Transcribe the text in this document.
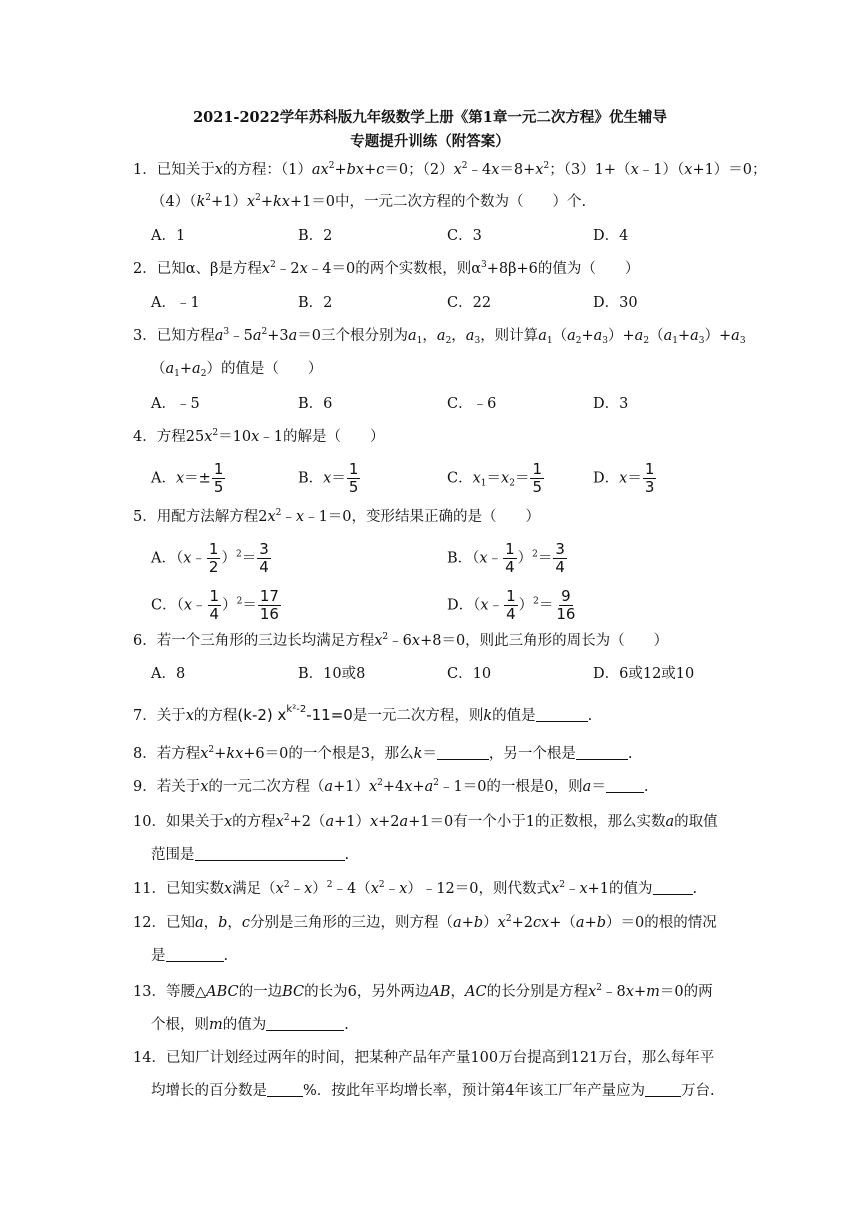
2021-2022学年苏科版九年级数学上册《第1章一元二次方程》优生辅导
专题提升训练（附答案）
1．已知关于x的方程：$(1)ax^2+bx+c=0$；$(2)x^2﹣4x=8+x^2$；（3）1+（x﹣1）（x+1）＝0；
$(4)(k^2+1)x^2+kx+1=0$中，一元二次方程的个数为（　　）个.
A．1	B．2	C．3	D．4
2．已知α、β是方程$x^2﹣2x﹣4=0$的两个实数根，则$\alpha^3+8\beta+6$的值为（　　）
A．﹣1	B．2	C．22	D．30
3．已知方程$a^3﹣5a^2+3a=0$三个根分别为$a_1$，$a_2$，$a_3$，则计算$a_1(a_2+a_3)+a_2(a_1+a_3)+a_3$
$(a_1+a_2)$的值是（　　）
A．﹣5	B．6	C．﹣6	D．3
4．方程$25x^2=10x﹣1$的解是（　　）
A．$x=\pm \frac{1}{5}$	B．$x= \frac{1}{5}$	C．$x_1=x_2= \frac{1}{5}$	D．$x= \frac{1}{3}$
5．用配方法解方程$2x^2﹣x﹣1=0$，变形结果正确的是（　　）
A．（x﹣ $\frac{1}{2} )^2= \frac{3}{4}$	B．（x﹣ $\frac{1}{4} )^2= \frac{3}{4}$
C．（x﹣ $\frac{1}{4} )^2= \frac{17}{16}$	D．（x﹣ $\frac{1}{4} )^2= \frac{9}{16}$
6．若一个三角形的三边长均满足方程$x^2﹣6x+8=0$，则此三角形的周长为（　　）
A．8	B．10或8	C．10	D．6或12或10
7．关于x的方程(k-2) $x^{k^2-2}-11=0$是一元二次方程，则k的值是	.
8．若方程$x^2+kx+6=0$的一个根是3，那么k＝	，另一个根是	.
9．若关于x的一元二次方程$(a+1)x^2+4x+a^2﹣1=0$的一根是0，则a＝	.
10．如果关于x的方程$x^2+2(a+1)x+2a+1=0$有一个小于1的正数根，那么实数a的取值
范围是	.
11．已知实数x满足$(x^2﹣x)^2﹣4(x^2﹣x)﹣12=0$，则代数式$x^2﹣x+1$的值为	.
12．已知a，b，c分别是三角形的三边，则方程$(a+b)x^2+2cx+(a+b)=0$的根的情况
是	.
13．等腰△ABC的一边BC的长为6，另外两边AB，AC的长分别是方程$x^2﹣8x+m=0$的两
个根，则m的值为	.
14．已知厂计划经过两年的时间，把某种产品年产量100万台提高到121万台，那么每年平
均增长的百分数是 %．按此年平均增长率，预计第4年该工厂年产量应为 万台.
